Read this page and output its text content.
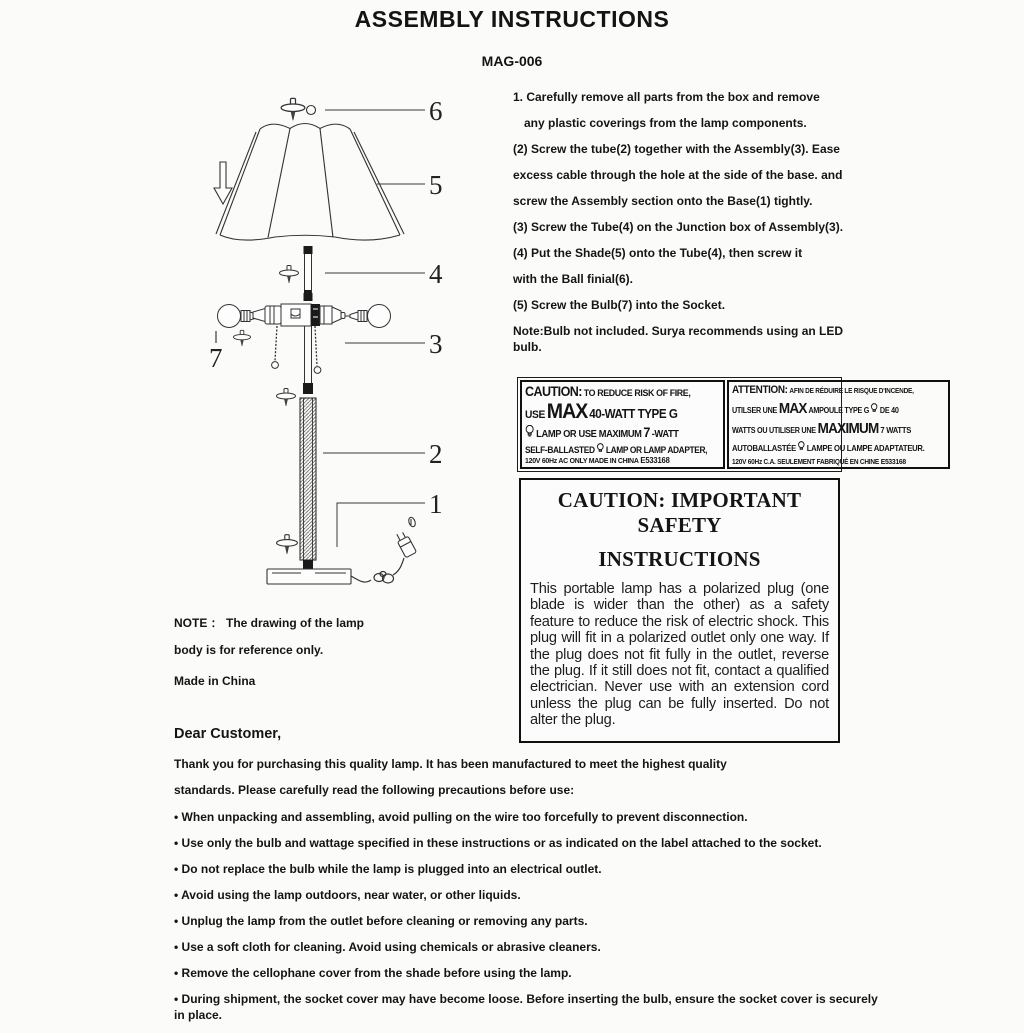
ASSEMBLY INSTRUCTIONS
MAG-006
6
5
4
3
7
2
1
1. Carefully remove all parts from the box and remove
any plastic coverings from the lamp components.
(2) Screw the tube(2) together with the Assembly(3). Ease
excess cable through the hole at the side of the base. and
screw the Assembly section onto the Base(1) tightly.
(3) Screw the Tube(4) on the Junction box of Assembly(3).
(4) Put the Shade(5) onto the Tube(4), then screw it
with the Ball finial(6).
(5) Screw the Bulb(7) into the Socket.
Note:Bulb not included. Surya recommends using an LED bulb.
CAUTION: TO REDUCE RISK OF FIRE,
USE MAX 40-WATT TYPE G
LAMP OR USE MAXIMUM 7 -WATT
SELF-BALLASTED LAMP OR LAMP ADAPTER,
120V 60Hz AC ONLY MADE IN CHINA E533168
ATTENTION: AFIN DE RÉDUIRE LE RISQUE D'INCENDE,
UTILSER UNE MAX AMPOULE TYPE G DE 40
WATTS OU UTILISER UNE MAXIMUM 7 WATTS
AUTOBALLASTÉE LAMPE OU LAMPE ADAPTATEUR.
120V 60Hz C.A. SEULEMENT FABRIQUÉ EN CHINE E533168
CAUTION: IMPORTANT SAFETY
INSTRUCTIONS
This portable lamp has a polarized plug (one blade is wider than the other) as a safety feature to reduce the risk of electric shock. This plug will fit in a polarized outlet only one way. If the plug does not fit fully in the outlet, reverse the plug. If it still does not fit, contact a qualified electrician. Never use with an extension cord unless the plug can be fully inserted. Do not alter the plug.
NOTE ： The drawing of the lamp
body is for reference only.
Made in China
Dear Customer,
Thank you for purchasing this quality lamp. It has been manufactured to meet the highest quality
standards. Please carefully read the following precautions before use:
• When unpacking and assembling, avoid pulling on the wire too forcefully to prevent disconnection.
• Use only the bulb and wattage specified in these instructions or as indicated on the label attached to the socket.
• Do not replace the bulb while the lamp is plugged into an electrical outlet.
• Avoid using the lamp outdoors, near water, or other liquids.
• Unplug the lamp from the outlet before cleaning or removing any parts.
• Use a soft cloth for cleaning. Avoid using chemicals or abrasive cleaners.
• Remove the cellophane cover from the shade before using the lamp.
• During shipment, the socket cover may have become loose. Before inserting the bulb, ensure the socket cover is securely in place.
